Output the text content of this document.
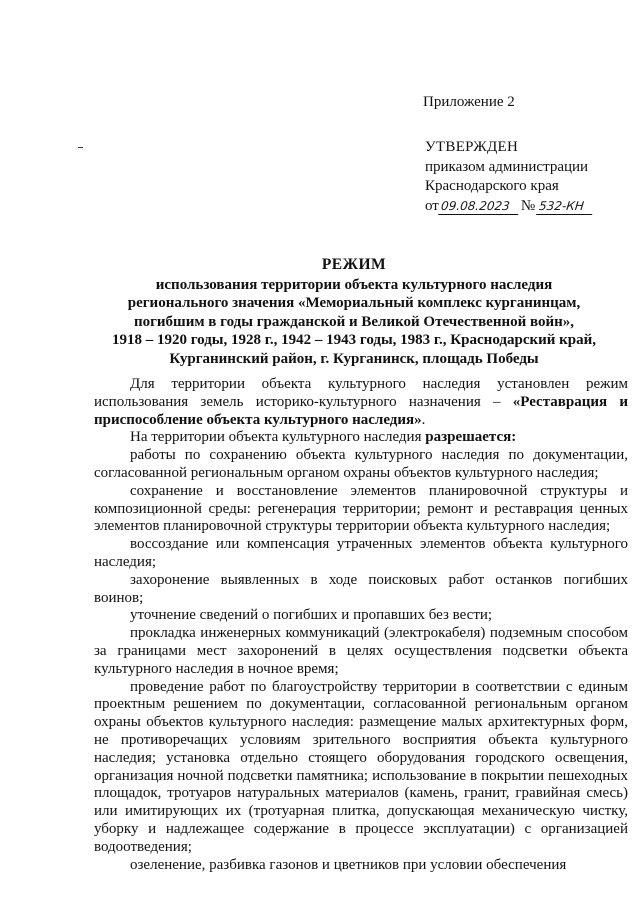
Приложение 2
УТВЕРЖДЕН
приказом администрации
Краснодарского края
от09.08.2023 № 532-КН
РЕЖИМ
использования территории объекта культурного наследия
регионального значения «Мемориальный комплекс курганинцам,
погибшим в годы гражданской и Великой Отечественной войн»,
1918 – 1920 годы, 1928 г., 1942 – 1943 годы, 1983 г., Краснодарский край,
Курганинский район, г. Курганинск, площадь Победы

Для территории объекта культурного наследия установлен режим использования земель историко-культурного назначения – «Реставрация и приспособление объекта культурного наследия».

На территории объекта культурного наследия разрешается:

работы по сохранению объекта культурного наследия по документации, согласованной региональным органом охраны объектов культурного наследия;

сохранение и восстановление элементов планировочной структуры и композиционной среды: регенерация территории; ремонт и реставрация ценных элементов планировочной структуры территории объекта культурного наследия;

воссоздание или компенсация утраченных элементов объекта культурного наследия;

захоронение выявленных в ходе поисковых работ останков погибших воинов;

уточнение сведений о погибших и пропавших без вести;

прокладка инженерных коммуникаций (электрокабеля) подземным способом за границами мест захоронений в целях осуществления подсветки объекта культурного наследия в ночное время;

проведение работ по благоустройству территории в соответствии с единым проектным решением по документации, согласованной региональным органом охраны объектов культурного наследия: размещение малых архитектурных форм, не противоречащих условиям зрительного восприятия объекта культурного наследия; установка отдельно стоящего оборудования городского освещения, организация ночной подсветки памятника; использование в покрытии пешеходных площадок, тротуаров натуральных материалов (камень, гранит, гравийная смесь) или имитирующих их (тротуарная плитка, допускающая механическую чистку, уборку и надлежащее содержание в процессе эксплуатации) с организацией водоотведения;

озеленение, разбивка газонов и цветников при условии обеспечения
